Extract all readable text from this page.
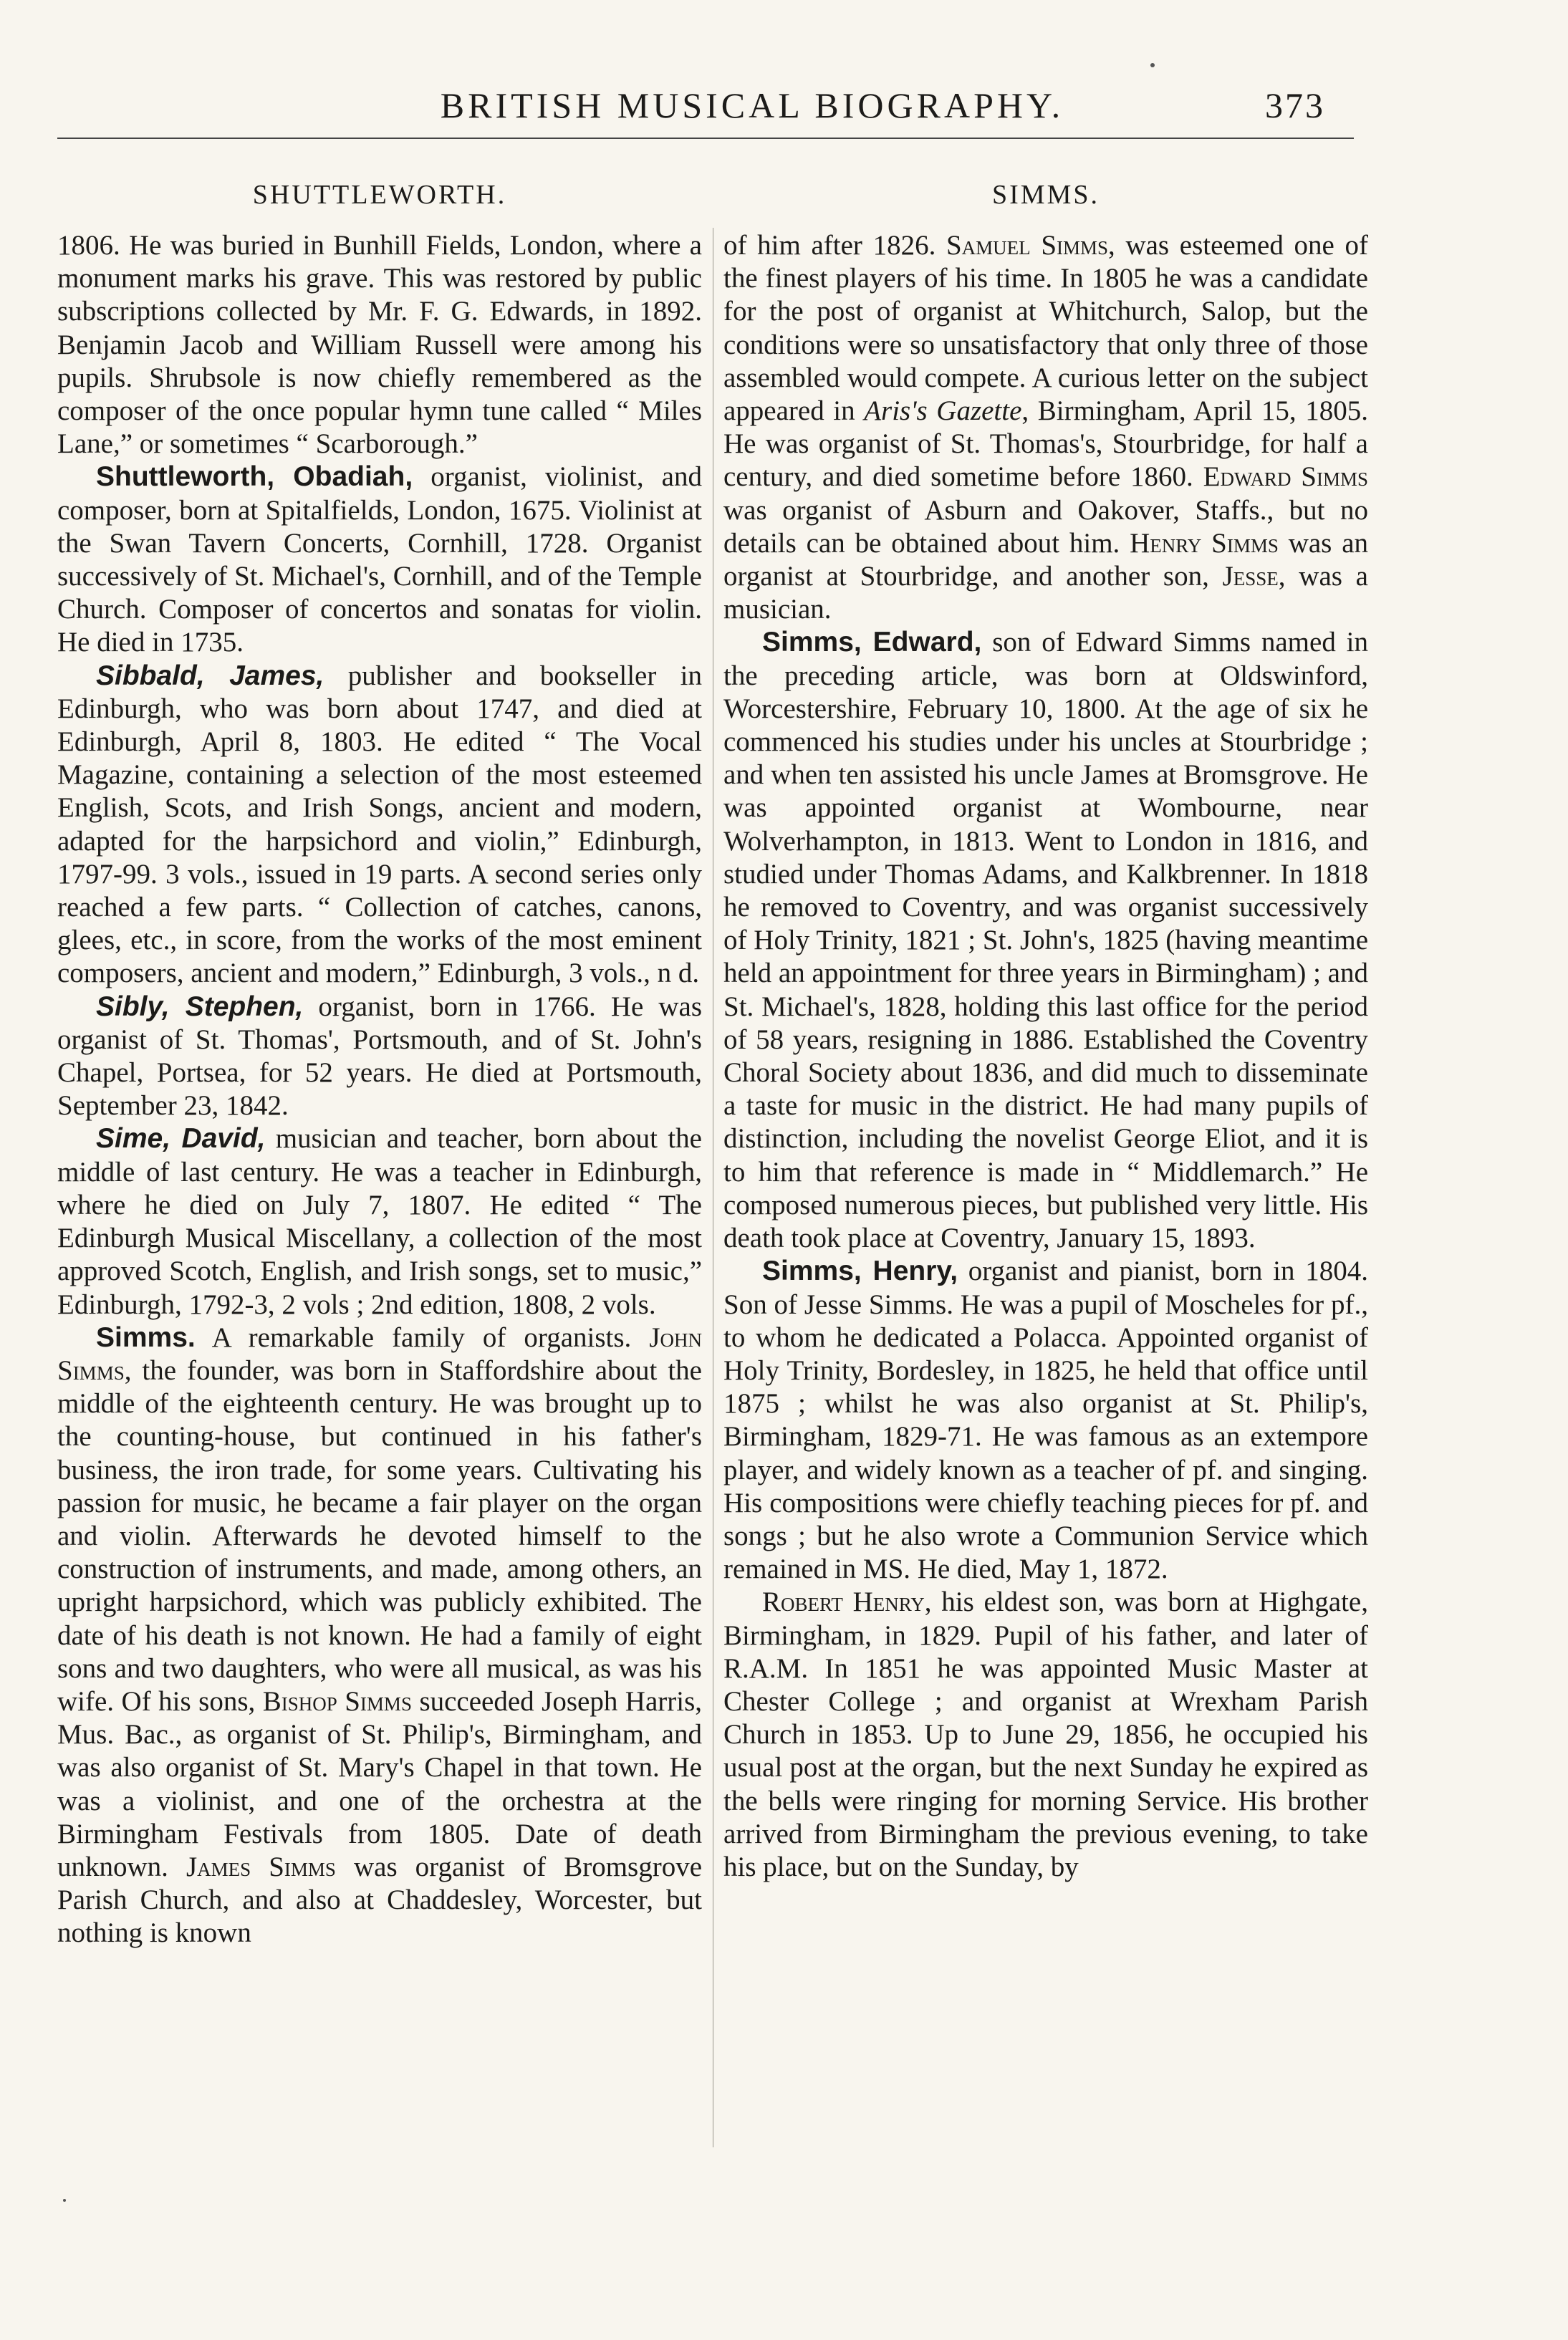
BRITISH MUSICAL BIOGRAPHY.	373
SHUTTLEWORTH.

1806. He was buried in Bunhill Fields, London, where a monument marks his grave. This was restored by public subscriptions collected by Mr. F. G. Edwards, in 1892. Benjamin Jacob and William Russell were among his pupils. Shrubsole is now chiefly remembered as the composer of the once popular hymn tune called “ Miles Lane,” or sometimes “ Scarborough.”

Shuttleworth, Obadiah, organist, violinist, and composer, born at Spitalfields, London, 1675. Violinist at the Swan Tavern Concerts, Cornhill, 1728. Organist successively of St. Michael's, Cornhill, and of the Temple Church. Composer of concertos and sonatas for violin. He died in 1735.

Sibbald, James, publisher and bookseller in Edinburgh, who was born about 1747, and died at Edinburgh, April 8, 1803. He edited “ The Vocal Magazine, containing a selection of the most esteemed English, Scots, and Irish Songs, ancient and modern, adapted for the harpsichord and violin,” Edinburgh, 1797-99. 3 vols., issued in 19 parts. A second series only reached a few parts. “ Collection of catches, canons, glees, etc., in score, from the works of the most eminent composers, ancient and modern,” Edinburgh, 3 vols., n d.

Sibly, Stephen, organist, born in 1766. He was organist of St. Thomas', Portsmouth, and of St. John's Chapel, Portsea, for 52 years. He died at Portsmouth, September 23, 1842.

Sime, David, musician and teacher, born about the middle of last century. He was a teacher in Edinburgh, where he died on July 7, 1807. He edited “ The Edinburgh Musical Miscellany, a collection of the most approved Scotch, English, and Irish songs, set to music,” Edinburgh, 1792-3, 2 vols ; 2nd edition, 1808, 2 vols.

Simms. A remarkable family of organists. John Simms, the founder, was born in Staffordshire about the middle of the eighteenth century. He was brought up to the counting-house, but continued in his father's business, the iron trade, for some years. Cultivating his passion for music, he became a fair player on the organ and violin. Afterwards he devoted himself to the construction of instruments, and made, among others, an upright harpsichord, which was publicly exhibited. The date of his death is not known. He had a family of eight sons and two daughters, who were all musical, as was his wife. Of his sons, Bishop Simms succeeded Joseph Harris, Mus. Bac., as organist of St. Philip's, Birmingham, and was also organist of St. Mary's Chapel in that town. He was a violinist, and one of the orchestra at the Birmingham Festivals from 1805. Date of death unknown. James Simms was organist of Bromsgrove Parish Church, and also at Chaddesley, Worcester, but nothing is known

SIMMS.

of him after 1826. Samuel Simms, was esteemed one of the finest players of his time. In 1805 he was a candidate for the post of organist at Whitchurch, Salop, but the conditions were so unsatisfactory that only three of those assembled would compete. A curious letter on the subject appeared in Aris's Gazette, Birmingham, April 15, 1805. He was organist of St. Thomas's, Stourbridge, for half a century, and died sometime before 1860. Edward Simms was organist of Asburn and Oakover, Staffs., but no details can be obtained about him. Henry Simms was an organist at Stourbridge, and another son, Jesse, was a musician.

Simms, Edward, son of Edward Simms named in the preceding article, was born at Oldswinford, Worcestershire, February 10, 1800. At the age of six he commenced his studies under his uncles at Stourbridge ; and when ten assisted his uncle James at Bromsgrove. He was appointed organist at Wombourne, near Wolverhampton, in 1813. Went to London in 1816, and studied under Thomas Adams, and Kalkbrenner. In 1818 he removed to Coventry, and was organist successively of Holy Trinity, 1821 ; St. John's, 1825 (having meantime held an appointment for three years in Birmingham) ; and St. Michael's, 1828, holding this last office for the period of 58 years, resigning in 1886. Established the Coventry Choral Society about 1836, and did much to disseminate a taste for music in the district. He had many pupils of distinction, including the novelist George Eliot, and it is to him that reference is made in “ Middlemarch.” He composed numerous pieces, but published very little. His death took place at Coventry, January 15, 1893.

Simms, Henry, organist and pianist, born in 1804. Son of Jesse Simms. He was a pupil of Moscheles for pf., to whom he dedicated a Polacca. Appointed organist of Holy Trinity, Bordesley, in 1825, he held that office until 1875 ; whilst he was also organist at St. Philip's, Birmingham, 1829-71. He was famous as an extempore player, and widely known as a teacher of pf. and singing. His compositions were chiefly teaching pieces for pf. and songs ; but he also wrote a Communion Service which remained in MS. He died, May 1, 1872.

Robert Henry, his eldest son, was born at Highgate, Birmingham, in 1829. Pupil of his father, and later of R.A.M. In 1851 he was appointed Music Master at Chester College ; and organist at Wrexham Parish Church in 1853. Up to June 29, 1856, he occupied his usual post at the organ, but the next Sunday he expired as the bells were ringing for morning Service. His brother arrived from Birmingham the previous evening, to take his place, but on the Sunday, by
